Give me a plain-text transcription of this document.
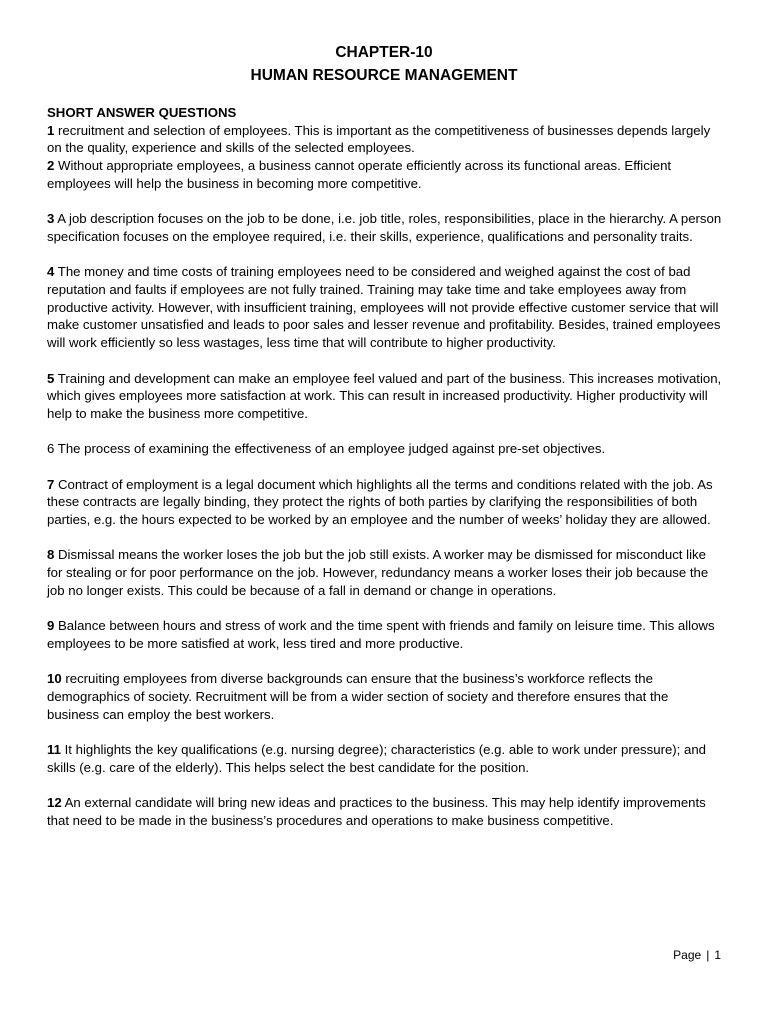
CHAPTER-10
HUMAN RESOURCE MANAGEMENT

SHORT ANSWER QUESTIONS

1 recruitment and selection of employees. This is important as the competitiveness of businesses depends largely on the quality, experience and skills of the selected employees.

2 Without appropriate employees, a business cannot operate efficiently across its functional areas. Efficient employees will help the business in becoming more competitive.

3 A job description focuses on the job to be done, i.e. job title, roles, responsibilities, place in the hierarchy. A person specification focuses on the employee required, i.e. their skills, experience, qualifications and personality traits.

4 The money and time costs of training employees need to be considered and weighed against the cost of bad reputation and faults if employees are not fully trained. Training may take time and take employees away from productive activity. However, with insufficient training, employees will not provide effective customer service that will make customer unsatisfied and leads to poor sales and lesser revenue and profitability. Besides, trained employees will work efficiently so less wastages, less time that will contribute to higher productivity.

5 Training and development can make an employee feel valued and part of the business. This increases motivation, which gives employees more satisfaction at work. This can result in increased productivity. Higher productivity will help to make the business more competitive.

6 The process of examining the effectiveness of an employee judged against pre-set objectives.

7 Contract of employment is a legal document which highlights all the terms and conditions related with the job. As these contracts are legally binding, they protect the rights of both parties by clarifying the responsibilities of both parties, e.g. the hours expected to be worked by an employee and the number of weeks’ holiday they are allowed.

8 Dismissal means the worker loses the job but the job still exists. A worker may be dismissed for misconduct like for stealing or for poor performance on the job. However, redundancy means a worker loses their job because the job no longer exists. This could be because of a fall in demand or change in operations.

9 Balance between hours and stress of work and the time spent with friends and family on leisure time. This allows employees to be more satisfied at work, less tired and more productive.

10 recruiting employees from diverse backgrounds can ensure that the business’s workforce reflects the demographics of society. Recruitment will be from a wider section of society and therefore ensures that the business can employ the best workers.

11 It highlights the key qualifications (e.g. nursing degree); characteristics (e.g. able to work under pressure); and skills (e.g. care of the elderly). This helps select the best candidate for the position.

12 An external candidate will bring new ideas and practices to the business. This may help identify improvements that need to be made in the business’s procedures and operations to make business competitive.

Page | 1
